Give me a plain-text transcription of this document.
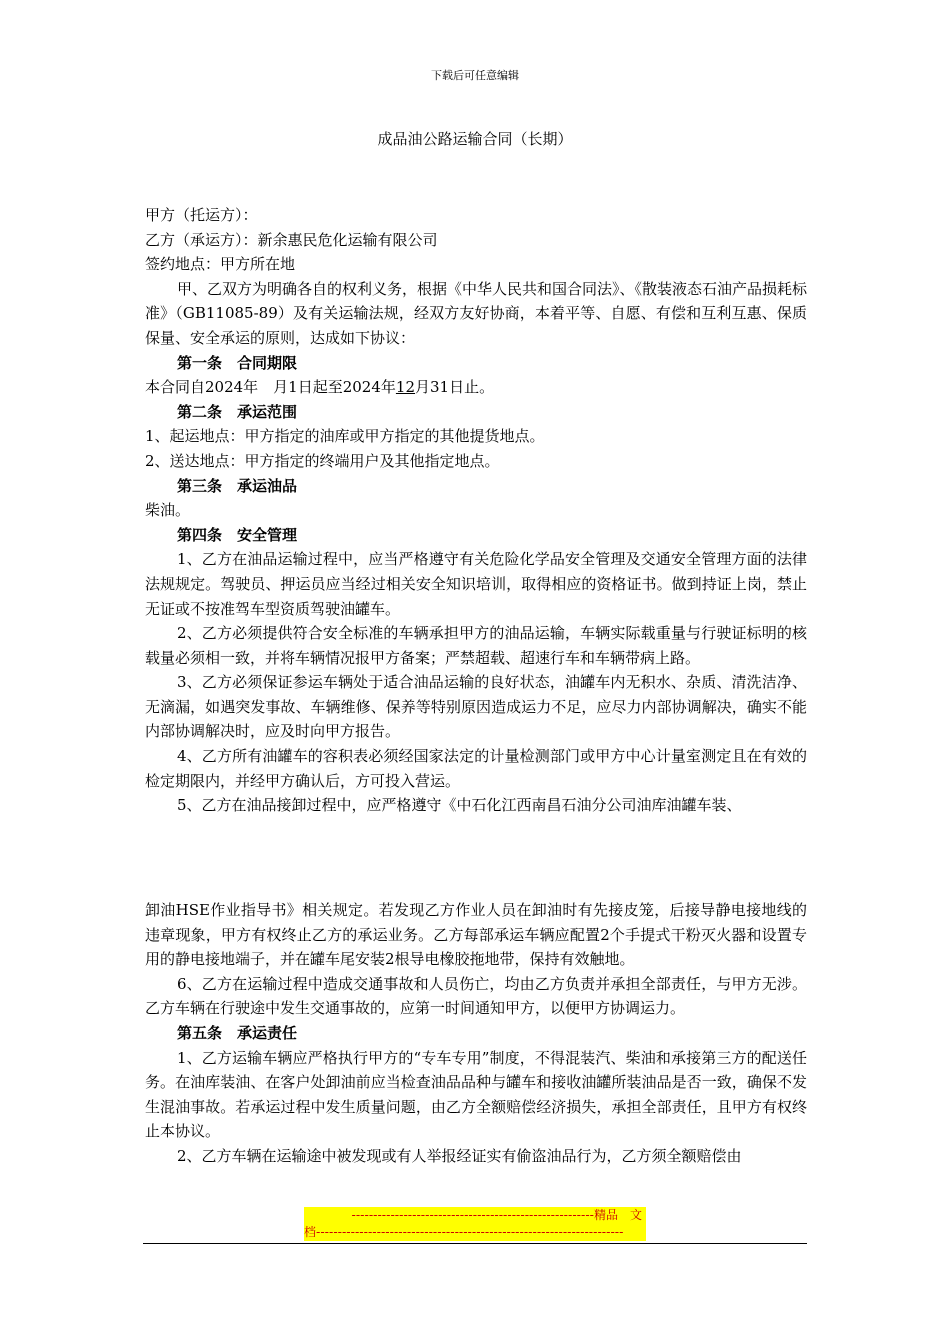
下载后可任意编辑
成品油公路运输合同（长期）

甲方（托运方）：

乙方（承运方）：新余惠民危化运输有限公司

签约地点：甲方所在地

甲、乙双方为明确各自的权利义务，根据《中华人民共和国合同法》、《散装液态石油产品损耗标准》（GB11085-89）及有关运输法规，经双方友好协商，本着平等、自愿、有偿和互利互惠、保质保量、安全承运的原则，达成如下协议：

第一条　合同期限

本合同自2024年　月1日起至2024年12月31日止。

第二条　承运范围

1、起运地点：甲方指定的油库或甲方指定的其他提货地点。

2、送达地点：甲方指定的终端用户及其他指定地点。

第三条　承运油品

柴油。

第四条　安全管理

1、乙方在油品运输过程中，应当严格遵守有关危险化学品安全管理及交通安全管理方面的法律法规规定。驾驶员、押运员应当经过相关安全知识培训，取得相应的资格证书。做到持证上岗，禁止无证或不按准驾车型资质驾驶油罐车。

2、乙方必须提供符合安全标准的车辆承担甲方的油品运输，车辆实际载重量与行驶证标明的核载量必须相一致，并将车辆情况报甲方备案；严禁超载、超速行车和车辆带病上路。

3、乙方必须保证参运车辆处于适合油品运输的良好状态，油罐车内无积水、杂质、清洗洁净、无滴漏，如遇突发事故、车辆维修、保养等特别原因造成运力不足，应尽力内部协调解决，确实不能内部协调解决时，应及时向甲方报告。

4、乙方所有油罐车的容积表必须经国家法定的计量检测部门或甲方中心计量室测定且在有效的检定期限内，并经甲方确认后，方可投入营运。

5、乙方在油品接卸过程中，应严格遵守《中石化江西南昌石油分公司油库油罐车装、

卸油HSE作业指导书》相关规定。若发现乙方作业人员在卸油时有先接皮笼，后接导静电接地线的违章现象，甲方有权终止乙方的承运业务。乙方每部承运车辆应配置2个手提式干粉灭火器和设置专用的静电接地端子，并在罐车尾安装2根导电橡胶拖地带，保持有效触地。

6、乙方在运输过程中造成交通事故和人员伤亡，均由乙方负责并承担全部责任，与甲方无涉。乙方车辆在行驶途中发生交通事故的，应第一时间通知甲方，以便甲方协调运力。

第五条　承运责任

1、乙方运输车辆应严格执行甲方的“专车专用”制度，不得混装汽、柴油和承接第三方的配送任务。在油库装油、在客户处卸油前应当检查油品品种与罐车和接收油罐所装油品是否一致，确保不发生混油事故。若承运过程中发生质量问题，由乙方全额赔偿经济损失，承担全部责任，且甲方有权终止本协议。

2、乙方车辆在运输途中被发现或有人举报经证实有偷盗油品行为，乙方须全额赔偿由

--------------------------------------------------------精品　文
档-----------------------------------------------------------------------
